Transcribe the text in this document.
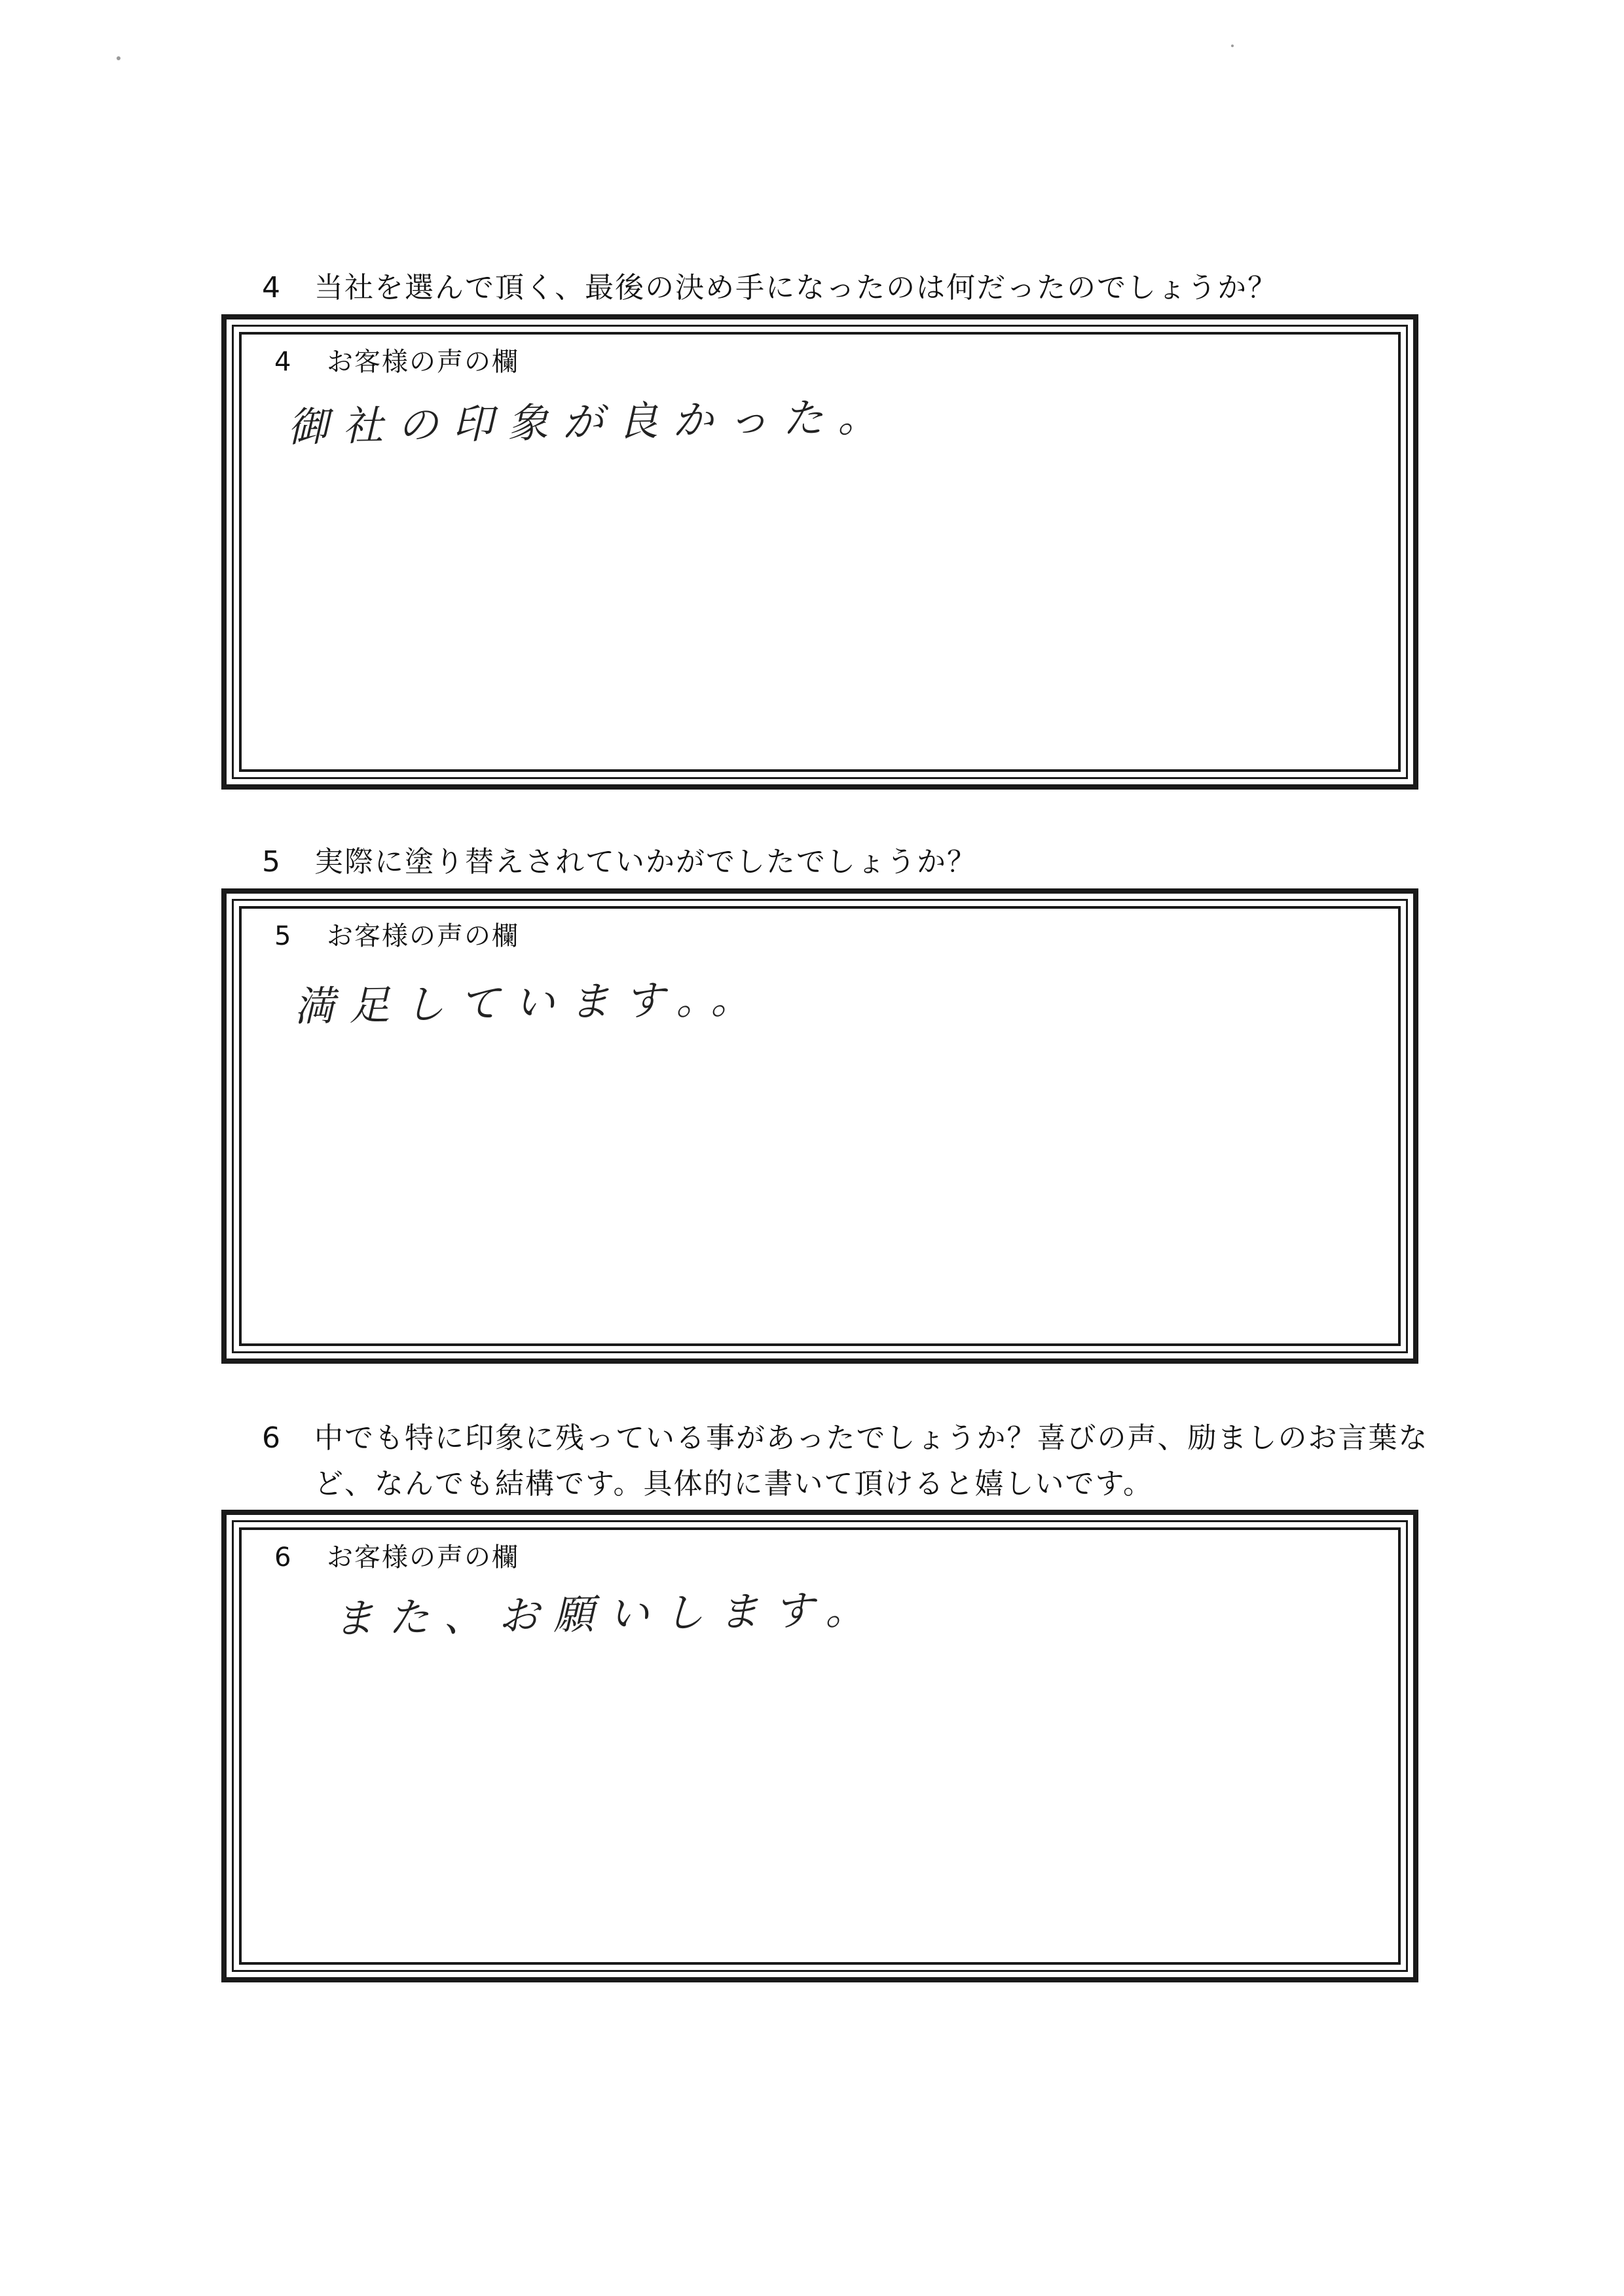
4 当社を選んで頂く、最後の決め手になったのは何だったのでしょうか？
4 お客様の声の欄
御社の印象が良かった。
5 実際に塗り替えされていかがでしたでしょうか？
5 お客様の声の欄
満足しています。。
6 中でも特に印象に残っている事があったでしょうか？喜びの声、励ましのお言葉な
ど、なんでも結構です。具体的に書いて頂けると嬉しいです。
6 お客様の声の欄
また、お願いします。
